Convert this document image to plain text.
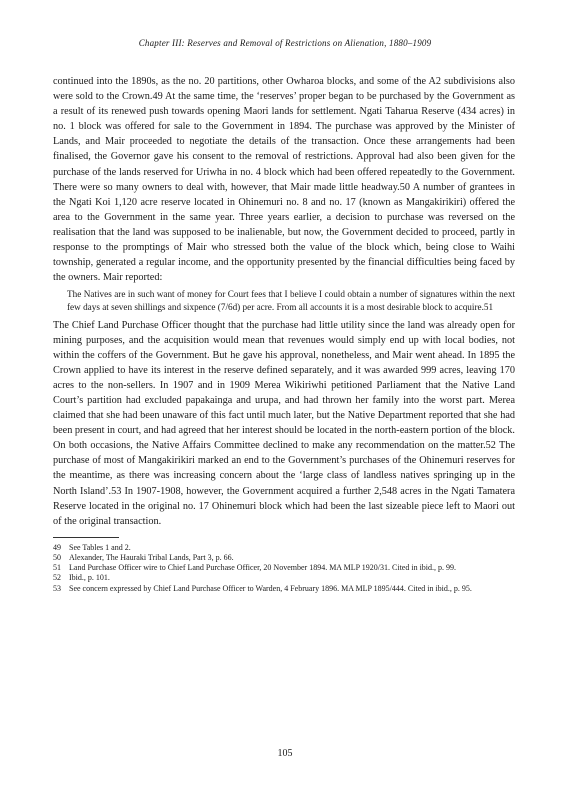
Chapter III: Reserves and Removal of Restrictions on Alienation, 1880–1909

continued into the 1890s, as the no. 20 partitions, other Owharoa blocks, and some of the A2 subdivisions also were sold to the Crown.49 At the same time, the ‘reserves’ proper began to be purchased by the Government as a result of its renewed push towards opening Maori lands for settlement. Ngati Taharua Reserve (434 acres) in no. 1 block was offered for sale to the Government in 1894. The purchase was approved by the Minister of Lands, and Mair proceeded to negotiate the details of the transaction. Once these arrangements had been finalised, the Governor gave his consent to the removal of restrictions. Approval had also been given for the purchase of the lands reserved for Uriwha in no. 4 block which had been offered repeatedly to the Government. There were so many owners to deal with, however, that Mair made little headway.50 A number of grantees in the Ngati Koi 1,120 acre reserve located in Ohinemuri no. 8 and no. 17 (known as Mangakirikiri) offered the area to the Government in the same year. Three years earlier, a decision to purchase was reversed on the realisation that the land was supposed to be inalienable, but now, the Government decided to proceed, partly in response to the promptings of Mair who stressed both the value of the block which, being close to Waihi township, generated a regular income, and the opportunity presented by the financial difficulties being faced by the owners. Mair reported:

The Natives are in such want of money for Court fees that I believe I could obtain a number of signatures within the next few days at seven shillings and sixpence (7/6d) per acre. From all accounts it is a most desirable block to acquire.51

The Chief Land Purchase Officer thought that the purchase had little utility since the land was already open for mining purposes, and the acquisition would mean that revenues would simply end up with local bodies, not within the coffers of the Government. But he gave his approval, nonetheless, and Mair went ahead. In 1895 the Crown applied to have its interest in the reserve defined separately, and it was awarded 999 acres, leaving 170 acres to the non-sellers. In 1907 and in 1909 Merea Wikiriwhi petitioned Parliament that the Native Land Court’s partition had excluded papakainga and urupa, and had thrown her family into the worst part. Merea claimed that she had been unaware of this fact until much later, but the Native Department reported that she had been present in court, and had agreed that her interest should be located in the north-eastern portion of the block. On both occasions, the Native Affairs Committee declined to make any recommendation on the matter.52 The purchase of most of Mangakirikiri marked an end to the Government’s purchases of the Ohinemuri reserves for the meantime, as there was increasing concern about the ‘large class of landless natives springing up in the North Island’.53 In 1907-1908, however, the Government acquired a further 2,548 acres in the Ngati Tamatera Reserve located in the original no. 17 Ohinemuri block which had been the last sizeable piece left to Maori out of the original transaction.

49	See Tables 1 and 2.
50	Alexander, The Hauraki Tribal Lands, Part 3, p. 66.
51	Land Purchase Officer wire to Chief Land Purchase Officer, 20 November 1894. MA MLP 1920/31. Cited in ibid., p. 99.
52	Ibid., p. 101.
53	See concern expressed by Chief Land Purchase Officer to Warden, 4 February 1896. MA MLP 1895/444. Cited in ibid., p. 95.
105
